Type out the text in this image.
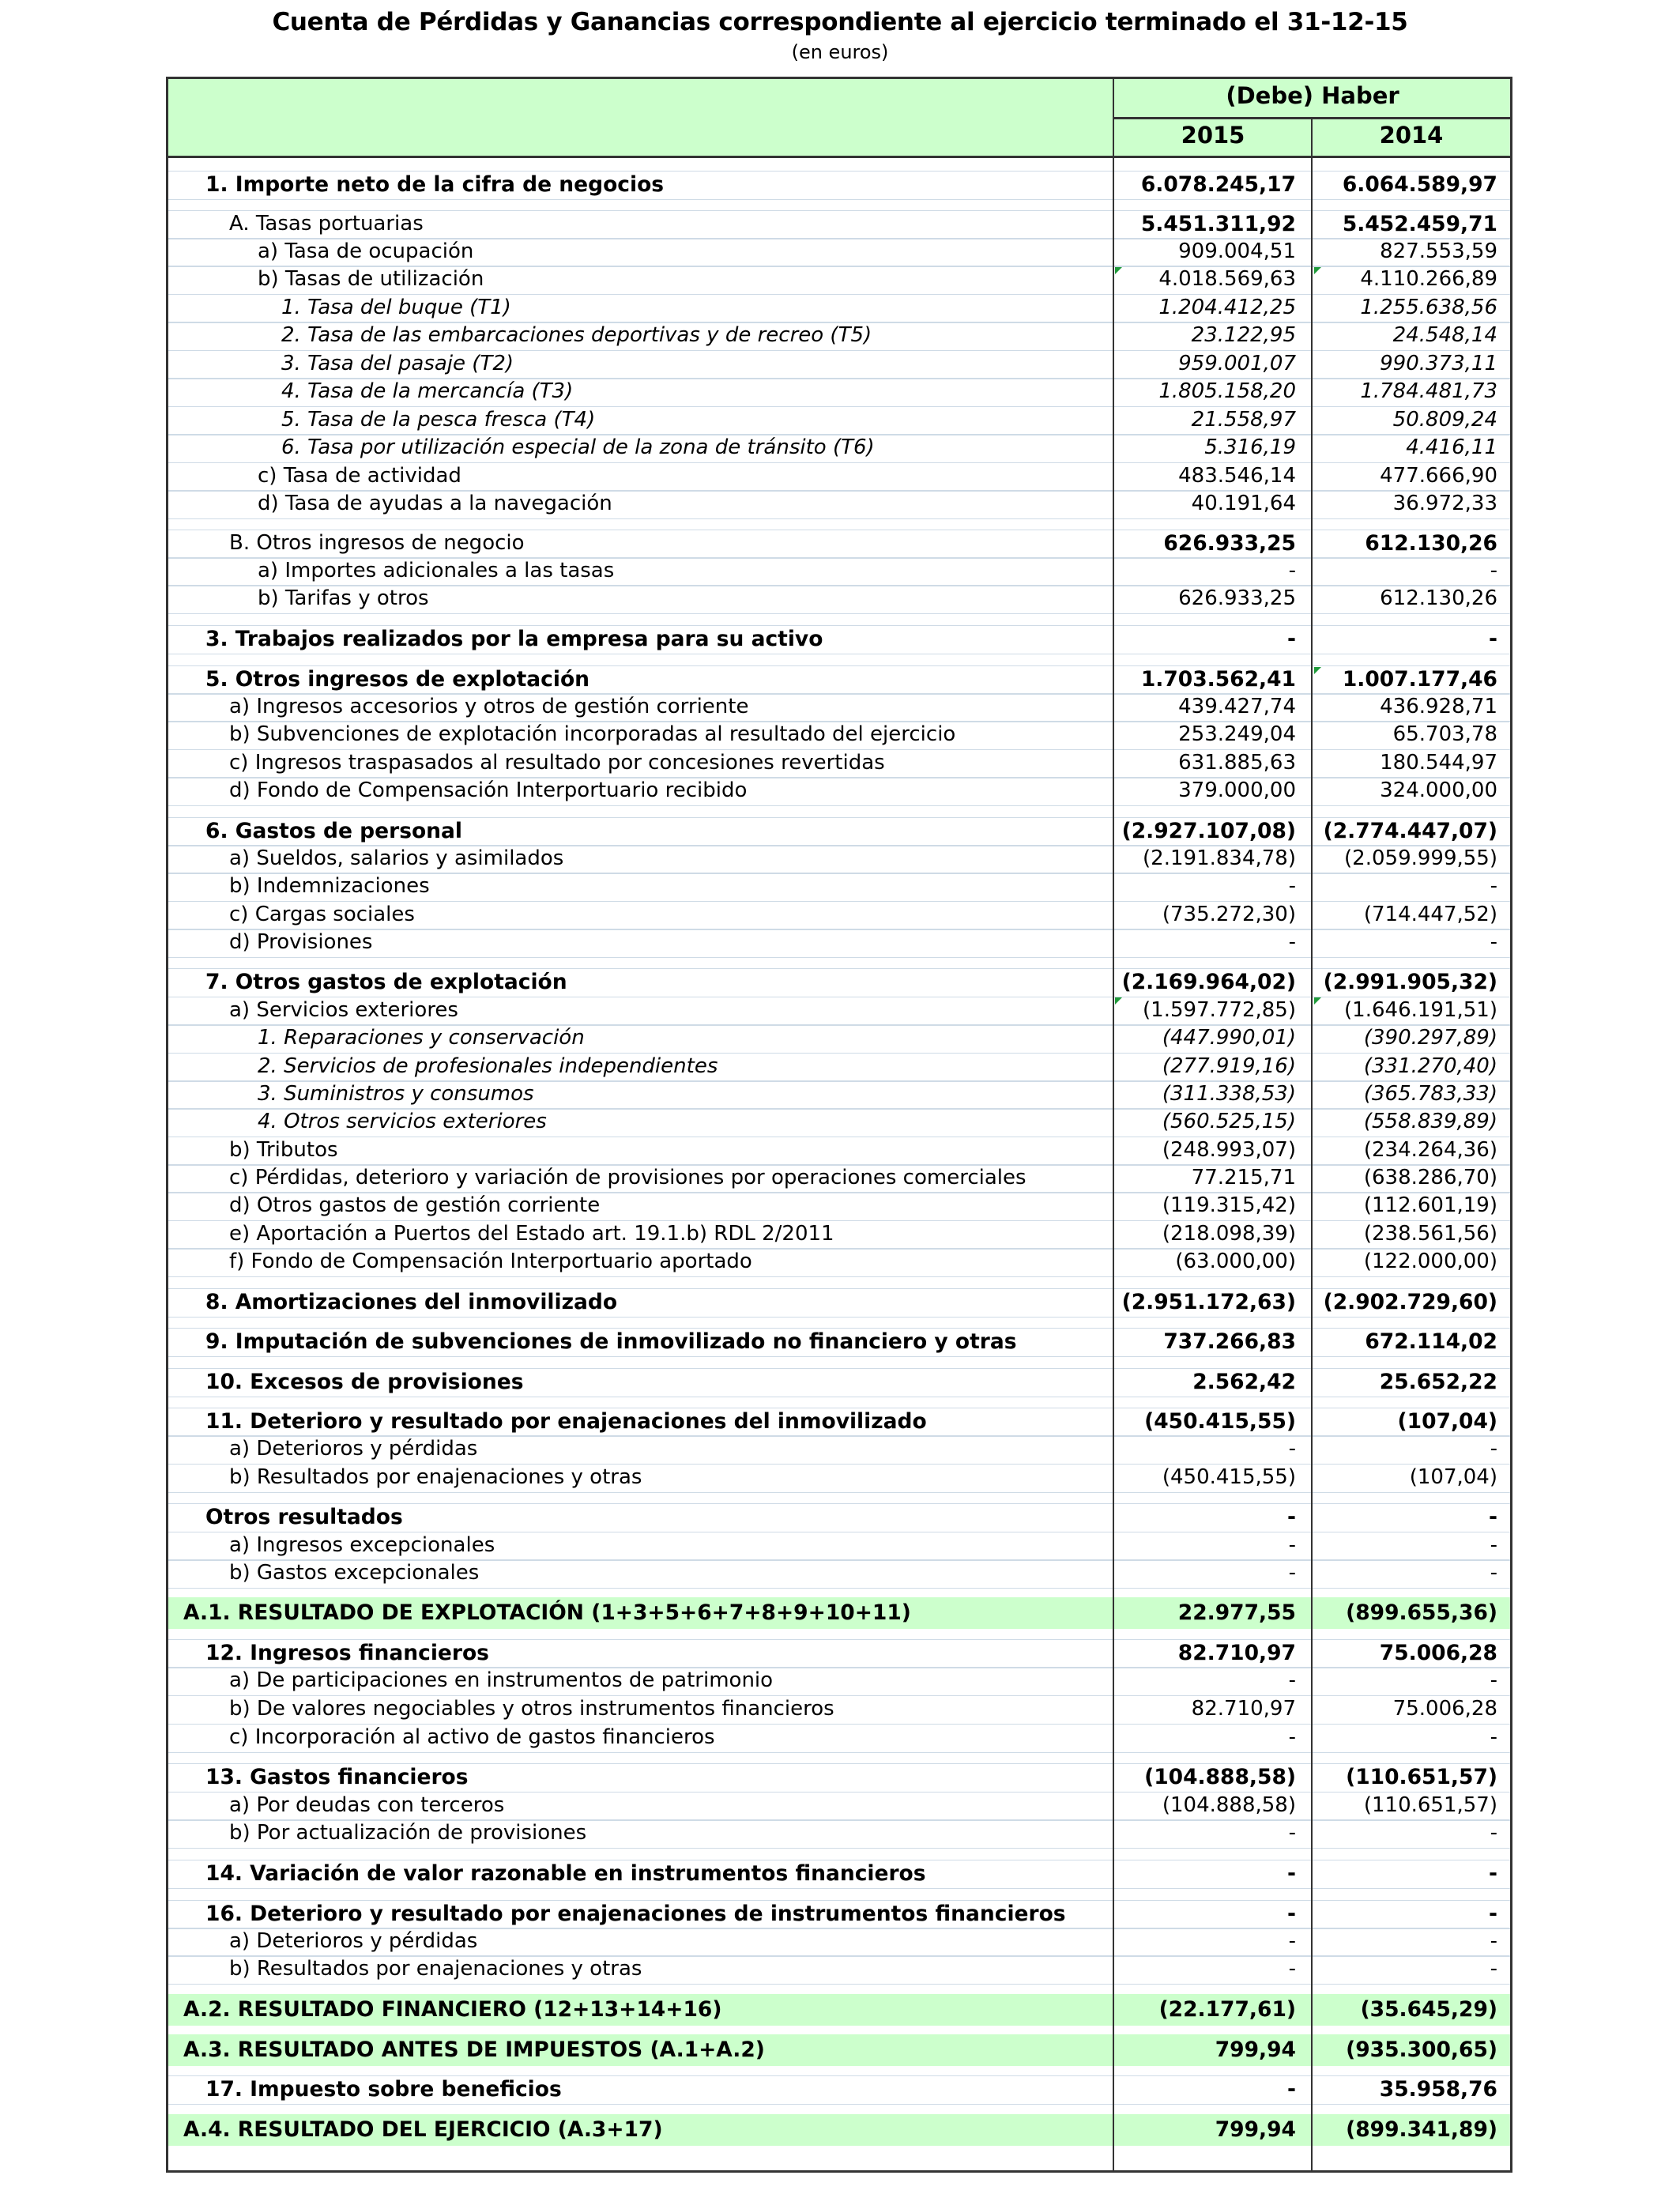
Cuenta de Pérdidas y Ganancias correspondiente al ejercicio terminado el 31-12-15
(en euros)
(Debe) Haber
2015	2014
1. Importe neto de la cifra de negocios	6.078.245,17	6.064.589,97
A. Tasas portuarias	5.451.311,92	5.452.459,71
a) Tasa de ocupación	909.004,51	827.553,59
b) Tasas de utilización	4.018.569,63	4.110.266,89
1. Tasa del buque (T1)	1.204.412,25	1.255.638,56
2. Tasa de las embarcaciones deportivas y de recreo (T5)	23.122,95	24.548,14
3. Tasa del pasaje (T2)	959.001,07	990.373,11
4. Tasa de la mercancía (T3)	1.805.158,20	1.784.481,73
5. Tasa de la pesca fresca (T4)	21.558,97	50.809,24
6. Tasa por utilización especial de la zona de tránsito (T6)	5.316,19	4.416,11
c) Tasa de actividad	483.546,14	477.666,90
d) Tasa de ayudas a la navegación	40.191,64	36.972,33
B. Otros ingresos de negocio	626.933,25	612.130,26
a) Importes adicionales a las tasas	-	-
b) Tarifas y otros	626.933,25	612.130,26
3. Trabajos realizados por la empresa para su activo	-	-
5. Otros ingresos de explotación	1.703.562,41	1.007.177,46
a) Ingresos accesorios y otros de gestión corriente	439.427,74	436.928,71
b) Subvenciones de explotación incorporadas al resultado del ejercicio	253.249,04	65.703,78
c) Ingresos traspasados al resultado por concesiones revertidas	631.885,63	180.544,97
d) Fondo de Compensación Interportuario recibido	379.000,00	324.000,00
6. Gastos de personal	(2.927.107,08)	(2.774.447,07)
a) Sueldos, salarios y asimilados	(2.191.834,78)	(2.059.999,55)
b) Indemnizaciones	-	-
c) Cargas sociales	(735.272,30)	(714.447,52)
d) Provisiones	-	-
7. Otros gastos de explotación	(2.169.964,02)	(2.991.905,32)
a) Servicios exteriores	(1.597.772,85)	(1.646.191,51)
1. Reparaciones y conservación	(447.990,01)	(390.297,89)
2. Servicios de profesionales independientes	(277.919,16)	(331.270,40)
3. Suministros y consumos	(311.338,53)	(365.783,33)
4. Otros servicios exteriores	(560.525,15)	(558.839,89)
b) Tributos	(248.993,07)	(234.264,36)
c) Pérdidas, deterioro y variación de provisiones por operaciones comerciales	77.215,71	(638.286,70)
d) Otros gastos de gestión corriente	(119.315,42)	(112.601,19)
e) Aportación a Puertos del Estado art. 19.1.b) RDL 2/2011	(218.098,39)	(238.561,56)
f) Fondo de Compensación Interportuario aportado	(63.000,00)	(122.000,00)
8. Amortizaciones del inmovilizado	(2.951.172,63)	(2.902.729,60)
9. Imputación de subvenciones de inmovilizado no financiero y otras	737.266,83	672.114,02
10. Excesos de provisiones	2.562,42	25.652,22
11. Deterioro y resultado por enajenaciones del inmovilizado	(450.415,55)	(107,04)
a) Deterioros y pérdidas	-	-
b) Resultados por enajenaciones y otras	(450.415,55)	(107,04)
Otros resultados	-	-
a) Ingresos excepcionales	-	-
b) Gastos excepcionales	-	-
A.1. RESULTADO DE EXPLOTACIÓN (1+3+5+6+7+8+9+10+11)	22.977,55	(899.655,36)
12. Ingresos financieros	82.710,97	75.006,28
a) De participaciones en instrumentos de patrimonio	-	-
b) De valores negociables y otros instrumentos financieros	82.710,97	75.006,28
c) Incorporación al activo de gastos financieros	-	-
13. Gastos financieros	(104.888,58)	(110.651,57)
a) Por deudas con terceros	(104.888,58)	(110.651,57)
b) Por actualización de provisiones	-	-
14. Variación de valor razonable en instrumentos financieros	-	-
16. Deterioro y resultado por enajenaciones de instrumentos financieros	-	-
a) Deterioros y pérdidas	-	-
b) Resultados por enajenaciones y otras	-	-
A.2. RESULTADO FINANCIERO (12+13+14+16)	(22.177,61)	(35.645,29)
A.3. RESULTADO ANTES DE IMPUESTOS (A.1+A.2)	799,94	(935.300,65)
17. Impuesto sobre beneficios	-	35.958,76
A.4. RESULTADO DEL EJERCICIO (A.3+17)	799,94	(899.341,89)
